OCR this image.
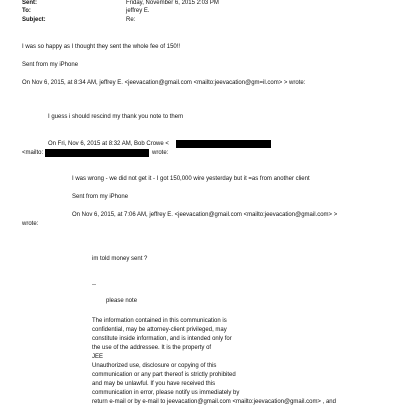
Sent:	Friday, November 6, 2015 2:03 PM
To:	jeffrey E.
Subject:	Re:
I was so happy as I thought they sent the whole fee of 150!!
Sent from my iPhone
On Nov 6, 2015, at 8:34 AM, jeffrey E. <jeevacation@gmail.com <mailto:jeevacation@gm=il.com> > wrote:
I guess i should rescind my thank you note to them
On Fri, Nov 6, 2015 at 8:32 AM, Bob Crowe <
<mailto:	wrote:
I was wrong - we did not get it - I got 150,000 wire yesterday but it =as from another client
Sent from my iPhone
On Nov 6, 2015, at 7:06 AM, jeffrey E. <jeevacation@gmail.com <mailto:jeevacation@gmail.com> >
wrote:
im told money sent ?
--
please note
The information contained in this communication is
confidential, may be attorney-client privileged, may
constitute inside information, and is intended only for
the use of the addressee. It is the property of
JEE
Unauthorized use, disclosure or copying of this
communication or any part thereof is strictly prohibited
and may be unlawful. If you have received this
communication in error, please notify us immediately by
return e-mail or by e-mail to jeevacation@gmail.com <mailto:jeevacation@gmail.com> , and
